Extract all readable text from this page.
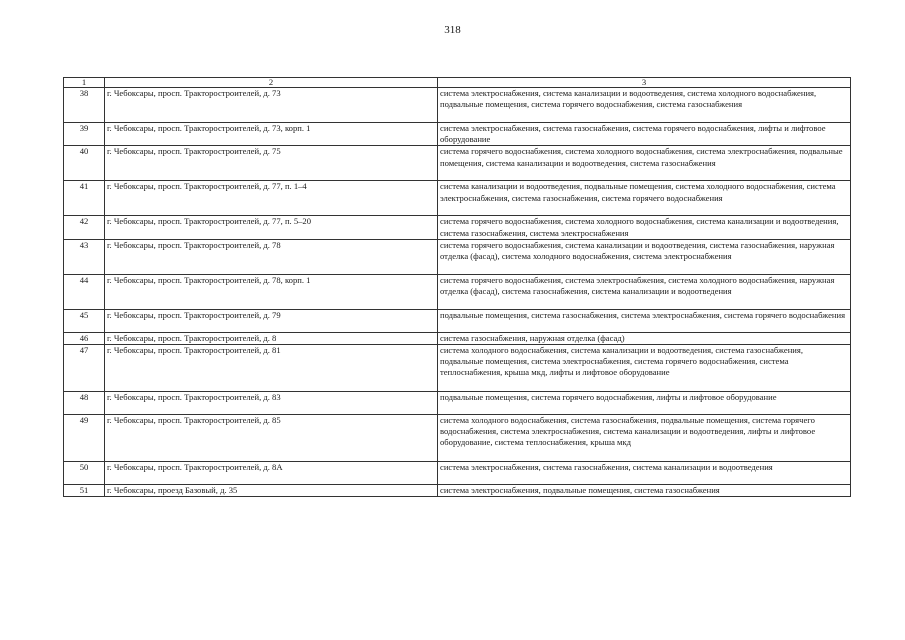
318
1	2	3
38	г. Чебоксары, просп. Тракторостроителей, д. 73	система электроснабжения, система канализации и водоотведения, система холодного водоснабжения, подвальные помещения, система горячего водоснабжения, система газоснабжения
39	г. Чебоксары, просп. Тракторостроителей, д. 73, корп. 1	система электроснабжения, система газоснабжения, система горячего водоснабжения, лифты и лифтовое оборудование
40	г. Чебоксары, просп. Тракторостроителей, д. 75	система горячего водоснабжения, система холодного водоснабжения, система электроснабжения, подвальные помещения, система канализации и водоотведения, система газоснабжения
41	г. Чебоксары, просп. Тракторостроителей, д. 77, п. 1–4	система канализации и водоотведения, подвальные помещения, система холодного водоснабжения, система электроснабжения, система газоснабжения, система горячего водоснабжения
42	г. Чебоксары, просп. Тракторостроителей, д. 77, п. 5–20	система горячего водоснабжения, система холодного водоснабжения, система канализации и водоотведения, система газоснабжения, система электроснабжения
43	г. Чебоксары, просп. Тракторостроителей, д. 78	система горячего водоснабжения, система канализации и водоотведения, система газоснабжения, наружная отделка (фасад), система холодного водоснабжения, система электроснабжения
44	г. Чебоксары, просп. Тракторостроителей, д. 78, корп. 1	система горячего водоснабжения, система электроснабжения, система холодного водоснабжения, наружная отделка (фасад), система газоснабжения, система канализации и водоотведения
45	г. Чебоксары, просп. Тракторостроителей, д. 79	подвальные помещения, система газоснабжения, система электроснабжения, система горячего водоснабжения
46	г. Чебоксары, просп. Тракторостроителей, д. 8	система газоснабжения, наружная отделка (фасад)
47	г. Чебоксары, просп. Тракторостроителей, д. 81	система холодного водоснабжения, система канализации и водоотведения, система газоснабжения, подвальные помещения, система электроснабжения, система горячего водоснабжения, система теплоснабжения, крыша мкд, лифты и лифтовое оборудование
48	г. Чебоксары, просп. Тракторостроителей, д. 83	подвальные помещения, система горячего водоснабжения, лифты и лифтовое оборудование
49	г. Чебоксары, просп. Тракторостроителей, д. 85	система холодного водоснабжения, система газоснабжения, подвальные помещения, система горячего водоснабжения, система электроснабжения, система канализации и водоотведения, лифты и лифтовое оборудование, система теплоснабжения, крыша мкд
50	г. Чебоксары, просп. Тракторостроителей, д. 8А	система электроснабжения, система газоснабжения, система канализации и водоотведения
51	г. Чебоксары, проезд Базовый, д. 35	система электроснабжения, подвальные помещения, система газоснабжения
